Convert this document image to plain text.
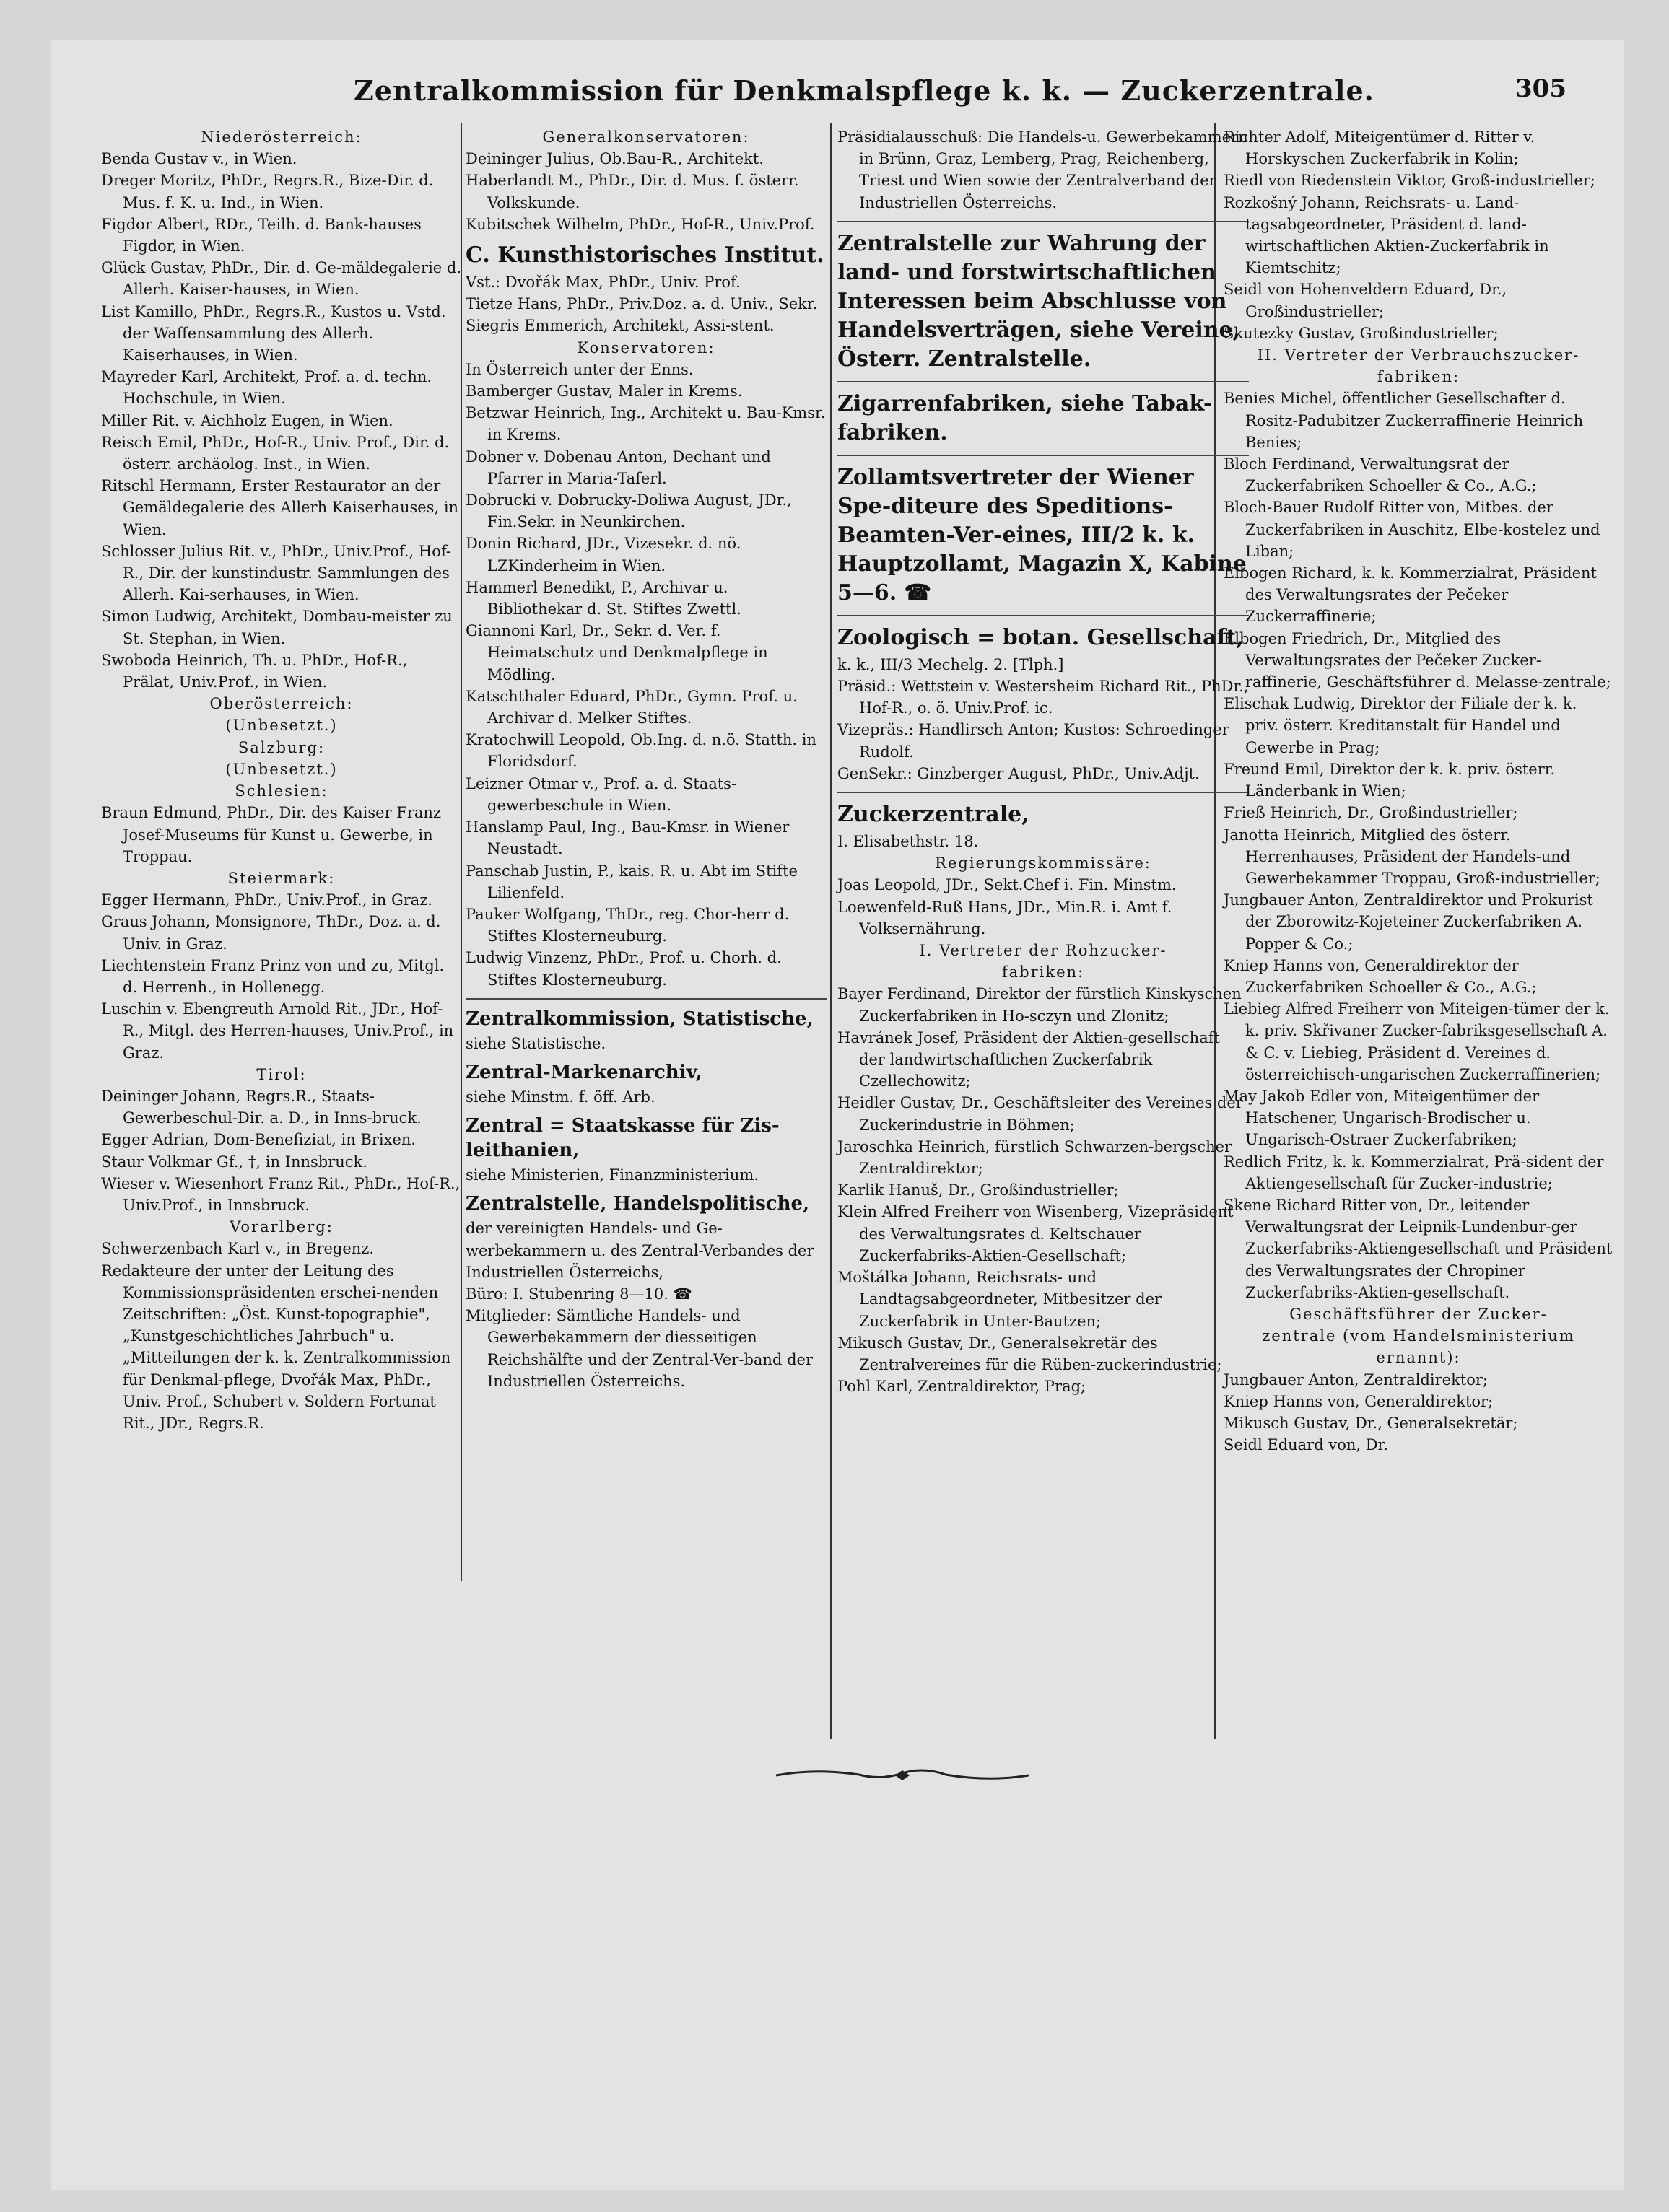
Zentralkommission für Denkmalspflege k. k. — Zuckerzentrale.	305

Niederösterreich:

Benda Gustav v., in Wien.

Dreger Moritz, PhDr., Regrs.R., Bize-Dir. d. Mus. f. K. u. Ind., in Wien.

Figdor Albert, RDr., Teilh. d. Bank-hauses Figdor, in Wien.

Glück Gustav, PhDr., Dir. d. Ge-mäldegalerie d. Allerh. Kaiser-hauses, in Wien.

List Kamillo, PhDr., Regrs.R., Kustos u. Vstd. der Waffensammlung des Allerh. Kaiserhauses, in Wien.

Mayreder Karl, Architekt, Prof. a. d. techn. Hochschule, in Wien.

Miller Rit. v. Aichholz Eugen, in Wien.

Reisch Emil, PhDr., Hof-R., Univ. Prof., Dir. d. österr. archäolog. Inst., in Wien.

Ritschl Hermann, Erster Restaurator an der Gemäldegalerie des Allerh Kaiserhauses, in Wien.

Schlosser Julius Rit. v., PhDr., Univ.Prof., Hof-R., Dir. der kunstindustr. Sammlungen des Allerh. Kai-serhauses, in Wien.

Simon Ludwig, Architekt, Dombau-meister zu St. Stephan, in Wien.

Swoboda Heinrich, Th. u. PhDr., Hof-R., Prälat, Univ.Prof., in Wien.

Oberösterreich:
(Unbesetzt.)

Salzburg:
(Unbesetzt.)

Schlesien:

Braun Edmund, PhDr., Dir. des Kaiser Franz Josef-Museums für Kunst u. Gewerbe, in Troppau.

Steiermark:

Egger Hermann, PhDr., Univ.Prof., in Graz.

Graus Johann, Monsignore, ThDr., Doz. a. d. Univ. in Graz.

Liechtenstein Franz Prinz von und zu, Mitgl. d. Herrenh., in Hollenegg.

Luschin v. Ebengreuth Arnold Rit., JDr., Hof-R., Mitgl. des Herren-hauses, Univ.Prof., in Graz.

Tirol:

Deininger Johann, Regrs.R., Staats-Gewerbeschul-Dir. a. D., in Inns-bruck.

Egger Adrian, Dom-Benefiziat, in Brixen.

Staur Volkmar Gf., †, in Innsbruck.

Wieser v. Wiesenhort Franz Rit., PhDr., Hof-R., Univ.Prof., in Innsbruck.

Vorarlberg:

Schwerzenbach Karl v., in Bregenz.

Redakteure der unter der Leitung des Kommissionspräsidenten erschei-nenden Zeitschriften: „Öst. Kunst-topographie", „Kunstgeschichtliches Jahrbuch" u. „Mitteilungen der k. k. Zentralkommission für Denkmal-pflege, Dvořák Max, PhDr., Univ. Prof., Schubert v. Soldern Fortunat Rit., JDr., Regrs.R.

Generalkonservatoren:

Deininger Julius, Ob.Bau-R., Architekt.

Haberlandt M., PhDr., Dir. d. Mus. f. österr. Volkskunde.

Kubitschek Wilhelm, PhDr., Hof-R., Univ.Prof.

C. Kunsthistorisches Institut.

Vst.: Dvořák Max, PhDr., Univ. Prof.

Tietze Hans, PhDr., Priv.Doz. a. d. Univ., Sekr.

Siegris Emmerich, Architekt, Assi-stent.

Konservatoren:

In Österreich unter der Enns.

Bamberger Gustav, Maler in Krems.

Betzwar Heinrich, Ing., Architekt u. Bau-Kmsr. in Krems.

Dobner v. Dobenau Anton, Dechant und Pfarrer in Maria-Taferl.

Dobrucki v. Dobrucky-Doliwa August, JDr., Fin.Sekr. in Neunkirchen.

Donin Richard, JDr., Vizesekr. d. nö. LZKinderheim in Wien.

Hammerl Benedikt, P., Archivar u. Bibliothekar d. St. Stiftes Zwettl.

Giannoni Karl, Dr., Sekr. d. Ver. f. Heimatschutz und Denkmalpflege in Mödling.

Katschthaler Eduard, PhDr., Gymn. Prof. u. Archivar d. Melker Stiftes.

Kratochwill Leopold, Ob.Ing. d. n.ö. Statth. in Floridsdorf.

Leizner Otmar v., Prof. a. d. Staats-gewerbeschule in Wien.

Hanslamp Paul, Ing., Bau-Kmsr. in Wiener Neustadt.

Panschab Justin, P., kais. R. u. Abt im Stifte Lilienfeld.

Pauker Wolfgang, ThDr., reg. Chor-herr d. Stiftes Klosterneuburg.

Ludwig Vinzenz, PhDr., Prof. u. Chorh. d. Stiftes Klosterneuburg.

Zentralkommission, Statistische,

siehe Statistische.

Zentral-Markenarchiv,

siehe Minstm. f. öff. Arb.

Zentral = Staatskasse für Zis-
leithanien,

siehe Ministerien, Finanzministerium.

Zentralstelle, Handelspolitische,

der vereinigten Handels- und Ge-werbekammern u. des Zentral-Verbandes der Industriellen Österreichs,

Büro: I. Stubenring 8—10. ☎

Mitglieder: Sämtliche Handels- und Gewerbekammern der diesseitigen Reichshälfte und der Zentral-Ver-band der Industriellen Österreichs.

Präsidialausschuß: Die Handels-u. Gewerbekammern in Brünn, Graz, Lemberg, Prag, Reichenberg, Triest und Wien sowie der Zentralverband der Industriellen Österreichs.

Zentralstelle zur Wahrung der land- und forstwirtschaftlichen Interessen beim Abschlusse von Handelsverträgen, siehe Vereine, Österr. Zentralstelle.
Zigarrenfabriken, siehe Tabak-fabriken.
Zollamtsvertreter der Wiener Spe-diteure des Speditions-Beamten-Ver-eines, III/2 k. k. Hauptzollamt, Magazin X, Kabine 5—6. ☎
Zoologisch = botan. Gesellschaft,

k. k., III/3 Mechelg. 2. [Tlph.]

Präsid.: Wettstein v. Westersheim Richard Rit., PhDr., Hof-R., o. ö. Univ.Prof. ic.

Vizepräs.: Handlirsch Anton; Kustos: Schroedinger Rudolf.

GenSekr.: Ginzberger August, PhDr., Univ.Adjt.

Zuckerzentrale,

I. Elisabethstr. 18.

Regierungskommissäre:

Joas Leopold, JDr., Sekt.Chef i. Fin. Minstm.

Loewenfeld-Ruß Hans, JDr., Min.R. i. Amt f. Volksernährung.

I. Vertreter der Rohzucker-
fabriken:

Bayer Ferdinand, Direktor der fürstlich Kinskyschen Zuckerfabriken in Ho-sczyn und Zlonitz;

Havránek Josef, Präsident der Aktien-gesellschaft der landwirtschaftlichen Zuckerfabrik Czellechowitz;

Heidler Gustav, Dr., Geschäftsleiter des Vereines der Zuckerindustrie in Böhmen;

Jaroschka Heinrich, fürstlich Schwarzen-bergscher Zentraldirektor;

Karlik Hanuš, Dr., Großindustrieller;

Klein Alfred Freiherr von Wisenberg, Vizepräsident des Verwaltungsrates d. Keltschauer Zuckerfabriks-Aktien-Gesellschaft;

Moštálka Johann, Reichsrats- und Landtagsabgeordneter, Mitbesitzer der Zuckerfabrik in Unter-Bautzen;

Mikusch Gustav, Dr., Generalsekretär des Zentralvereines für die Rüben-zuckerindustrie;

Pohl Karl, Zentraldirektor, Prag;

Richter Adolf, Miteigentümer d. Ritter v. Horskyschen Zuckerfabrik in Kolin;

Riedl von Riedenstein Viktor, Groß-industrieller;

Rozkošný Johann, Reichsrats- u. Land-tagsabgeordneter, Präsident d. land-wirtschaftlichen Aktien-Zuckerfabrik in Kiemtschitz;

Seidl von Hohenveldern Eduard, Dr., Großindustrieller;

Skutezky Gustav, Großindustrieller;

II. Vertreter der Verbrauchszucker-
fabriken:

Benies Michel, öffentlicher Gesellschafter d. Rositz-Padubitzer Zuckerraffinerie Heinrich Benies;

Bloch Ferdinand, Verwaltungsrat der Zuckerfabriken Schoeller & Co., A.G.;

Bloch-Bauer Rudolf Ritter von, Mitbes. der Zuckerfabriken in Auschitz, Elbe-kostelez und Liban;

Elbogen Richard, k. k. Kommerzialrat, Präsident des Verwaltungsrates der Pečeker Zuckerraffinerie;

Elbogen Friedrich, Dr., Mitglied des Verwaltungsrates der Pečeker Zucker-raffinerie, Geschäftsführer d. Melasse-zentrale;

Elischak Ludwig, Direktor der Filiale der k. k. priv. österr. Kreditanstalt für Handel und Gewerbe in Prag;

Freund Emil, Direktor der k. k. priv. österr. Länderbank in Wien;

Frieß Heinrich, Dr., Großindustrieller;

Janotta Heinrich, Mitglied des österr. Herrenhauses, Präsident der Handels-und Gewerbekammer Troppau, Groß-industrieller;

Jungbauer Anton, Zentraldirektor und Prokurist der Zborowitz-Kojeteiner Zuckerfabriken A. Popper & Co.;

Kniep Hanns von, Generaldirektor der Zuckerfabriken Schoeller & Co., A.G.;

Liebieg Alfred Freiherr von Miteigen-tümer der k. k. priv. Skřivaner Zucker-fabriksgesellschaft A. & C. v. Liebieg, Präsident d. Vereines d. österreichisch-ungarischen Zuckerraffinerien;

May Jakob Edler von, Miteigentümer der Hatschener, Ungarisch-Brodischer u. Ungarisch-Ostraer Zuckerfabriken;

Redlich Fritz, k. k. Kommerzialrat, Prä-sident der Aktiengesellschaft für Zucker-industrie;

Skene Richard Ritter von, Dr., leitender Verwaltungsrat der Leipnik-Lundenbur-ger Zuckerfabriks-Aktiengesellschaft und Präsident des Verwaltungsrates der Chropiner Zuckerfabriks-Aktien-gesellschaft.

Geschäftsführer der Zucker-
zentrale (vom Handelsministerium
ernannt):

Jungbauer Anton, Zentraldirektor;

Kniep Hanns von, Generaldirektor;

Mikusch Gustav, Dr., Generalsekretär;

Seidl Eduard von, Dr.
